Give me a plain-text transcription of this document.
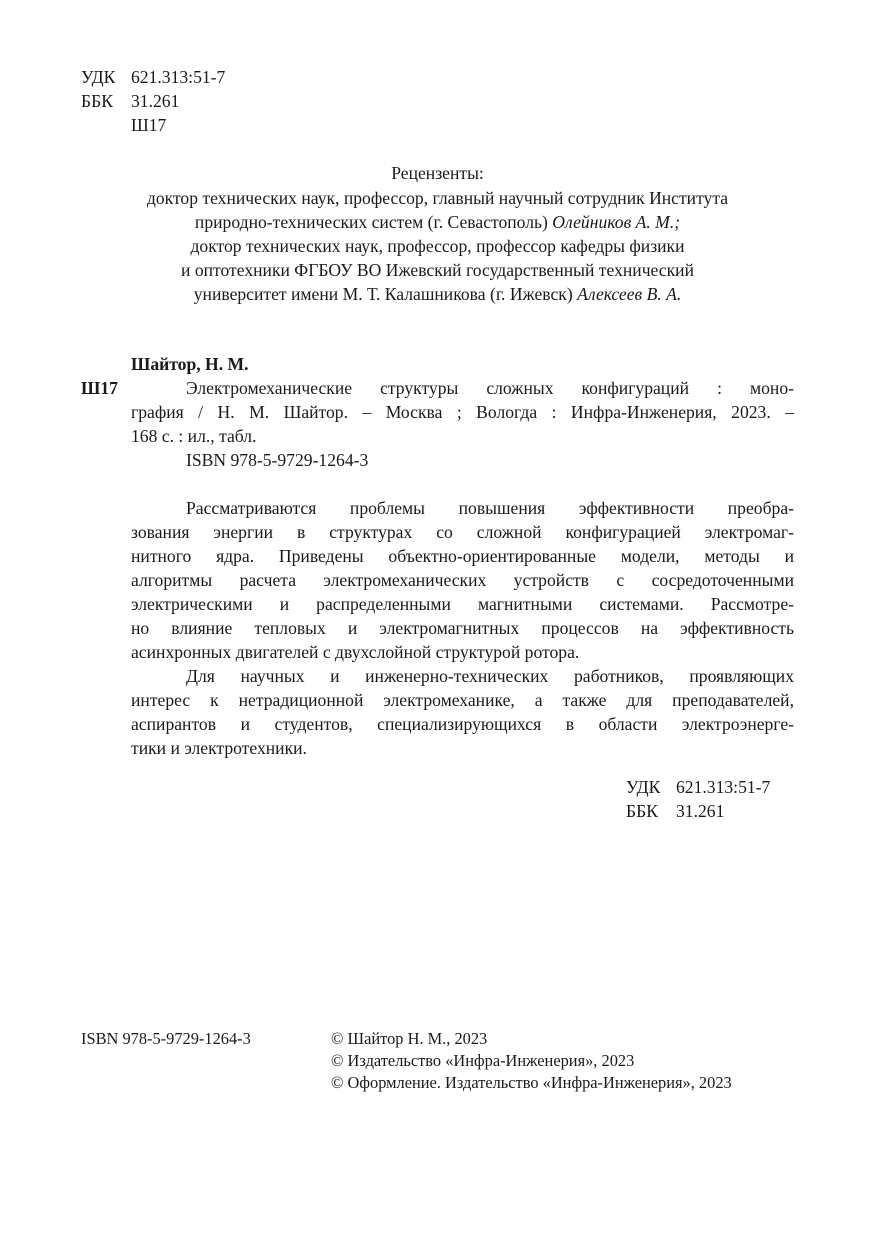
УДК 621.313:51-7
ББК 31.261
Ш17
Рецензенты:
доктор технических наук, профессор, главный научный сотрудник Института
природно-технических систем (г. Севастополь) Олейников А. М.;
доктор технических наук, профессор, профессор кафедры физики
и оптотехники ФГБОУ ВО Ижевский государственный технический
университет имени М. Т. Калашникова (г. Ижевск) Алексеев В. А.
Шайтор, Н. М.
Ш17	Электромеханические структуры сложных конфигураций : моно-
графия / Н. М. Шайтор. – Москва ; Вологда : Инфра-Инженерия, 2023. –
168 с. : ил., табл.
ISBN 978-5-9729-1264-3
Рассматриваются проблемы повышения эффективности преобра-
зования энергии в структурах со сложной конфигурацией электромаг-
нитного ядра. Приведены объектно-ориентированные модели, методы и
алгоритмы расчета электромеханических устройств с сосредоточенными
электрическими и распределенными магнитными системами. Рассмотре-
но влияние тепловых и электромагнитных процессов на эффективность
асинхронных двигателей с двухслойной структурой ротора.
Для научных и инженерно-технических работников, проявляющих
интерес к нетрадиционной электромеханике, а также для преподавателей,
аспирантов и студентов, специализирующихся в области электроэнерге-
тики и электротехники.
УДК 621.313:51-7
ББК 31.261
ISBN 978-5-9729-1264-3	© Шайтор Н. М., 2023
© Издательство «Инфра-Инженерия», 2023
© Оформление. Издательство «Инфра-Инженерия», 2023
